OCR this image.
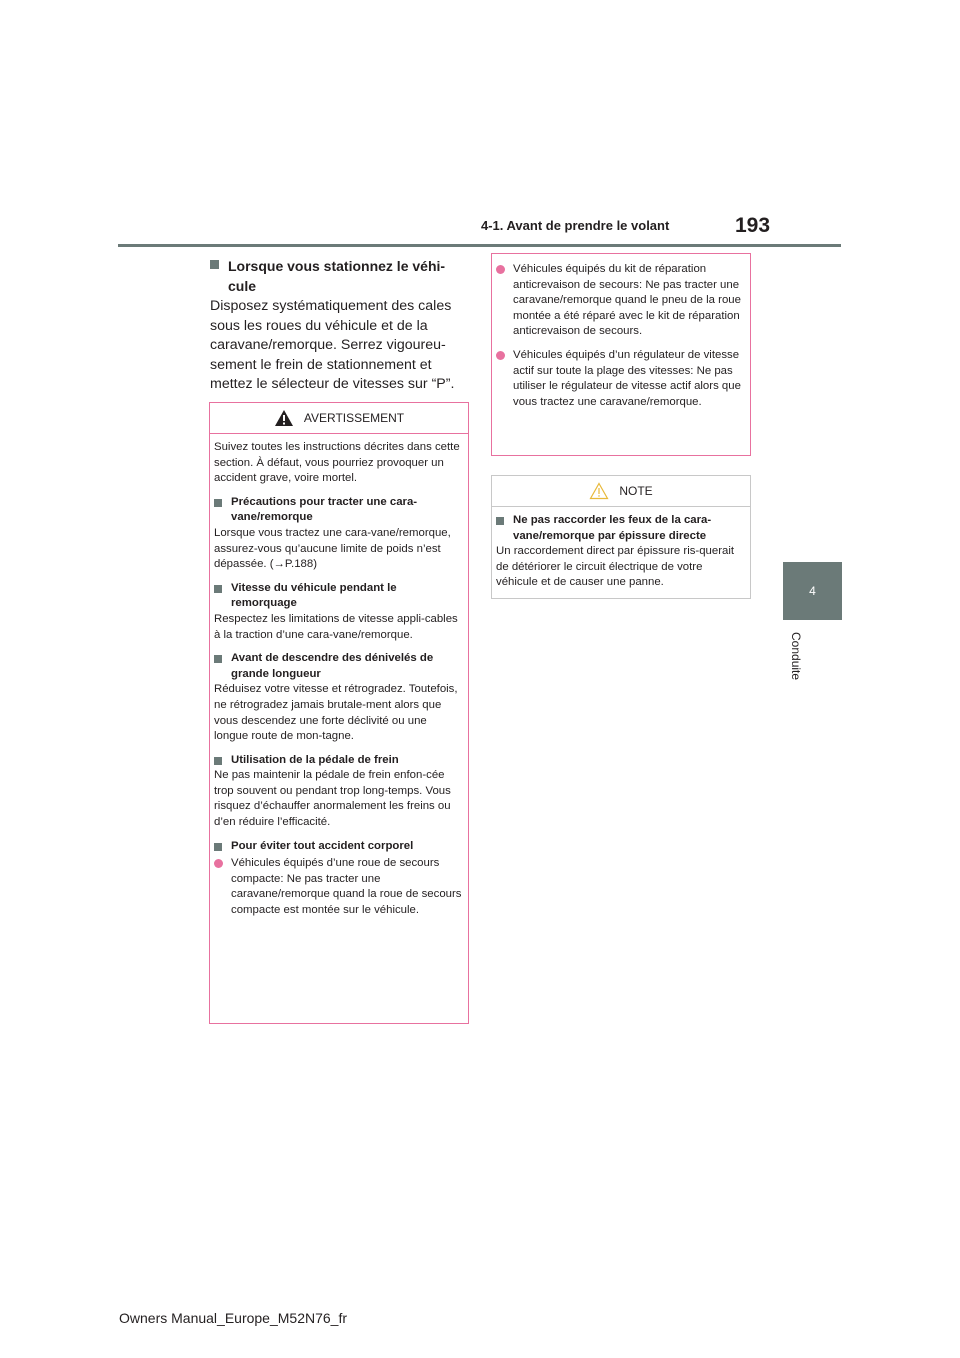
4-1. Avant de prendre le volant	193
4
Conduite
Lorsque vous stationnez le véhi-cule

Disposez systématiquement des cales sous les roues du véhicule et de la caravane/remorque. Serrez vigoureu-sement le frein de stationnement et mettez le sélecteur de vitesses sur “P”.

AVERTISSEMENT

Suivez toutes les instructions décrites dans cette section. À défaut, vous pourriez provoquer un accident grave, voire mortel.

Précautions pour tracter une cara-vane/remorque

Lorsque vous tractez une cara-vane/remorque, assurez-vous qu’aucune limite de poids n’est dépassée. (→P.188)

Vitesse du véhicule pendant le remorquage

Respectez les limitations de vitesse appli-cables à la traction d’une cara-vane/remorque.

Avant de descendre des dénivelés de grande longueur

Réduisez votre vitesse et rétrogradez. Toutefois, ne rétrogradez jamais brutale-ment alors que vous descendez une forte déclivité ou une longue route de mon-tagne.

Utilisation de la pédale de frein

Ne pas maintenir la pédale de frein enfon-cée trop souvent ou pendant trop long-temps. Vous risquez d’échauffer anormalement les freins ou d’en réduire l’efficacité.

Pour éviter tout accident corporel
Véhicules équipés d’une roue de secours compacte: Ne pas tracter une caravane/remorque quand la roue de secours compacte est montée sur le véhicule.
Véhicules équipés du kit de réparation anticrevaison de secours: Ne pas tracter une caravane/remorque quand le pneu de la roue montée a été réparé avec le kit de réparation anticrevaison de secours.
Véhicules équipés d’un régulateur de vitesse actif sur toute la plage des vitesses: Ne pas utiliser le régulateur de vitesse actif alors que vous tractez une caravane/remorque.
NOTE
Ne pas raccorder les feux de la cara-vane/remorque par épissure directe

Un raccordement direct par épissure ris-querait de détériorer le circuit électrique de votre véhicule et de causer une panne.

Owners Manual_Europe_M52N76_fr
